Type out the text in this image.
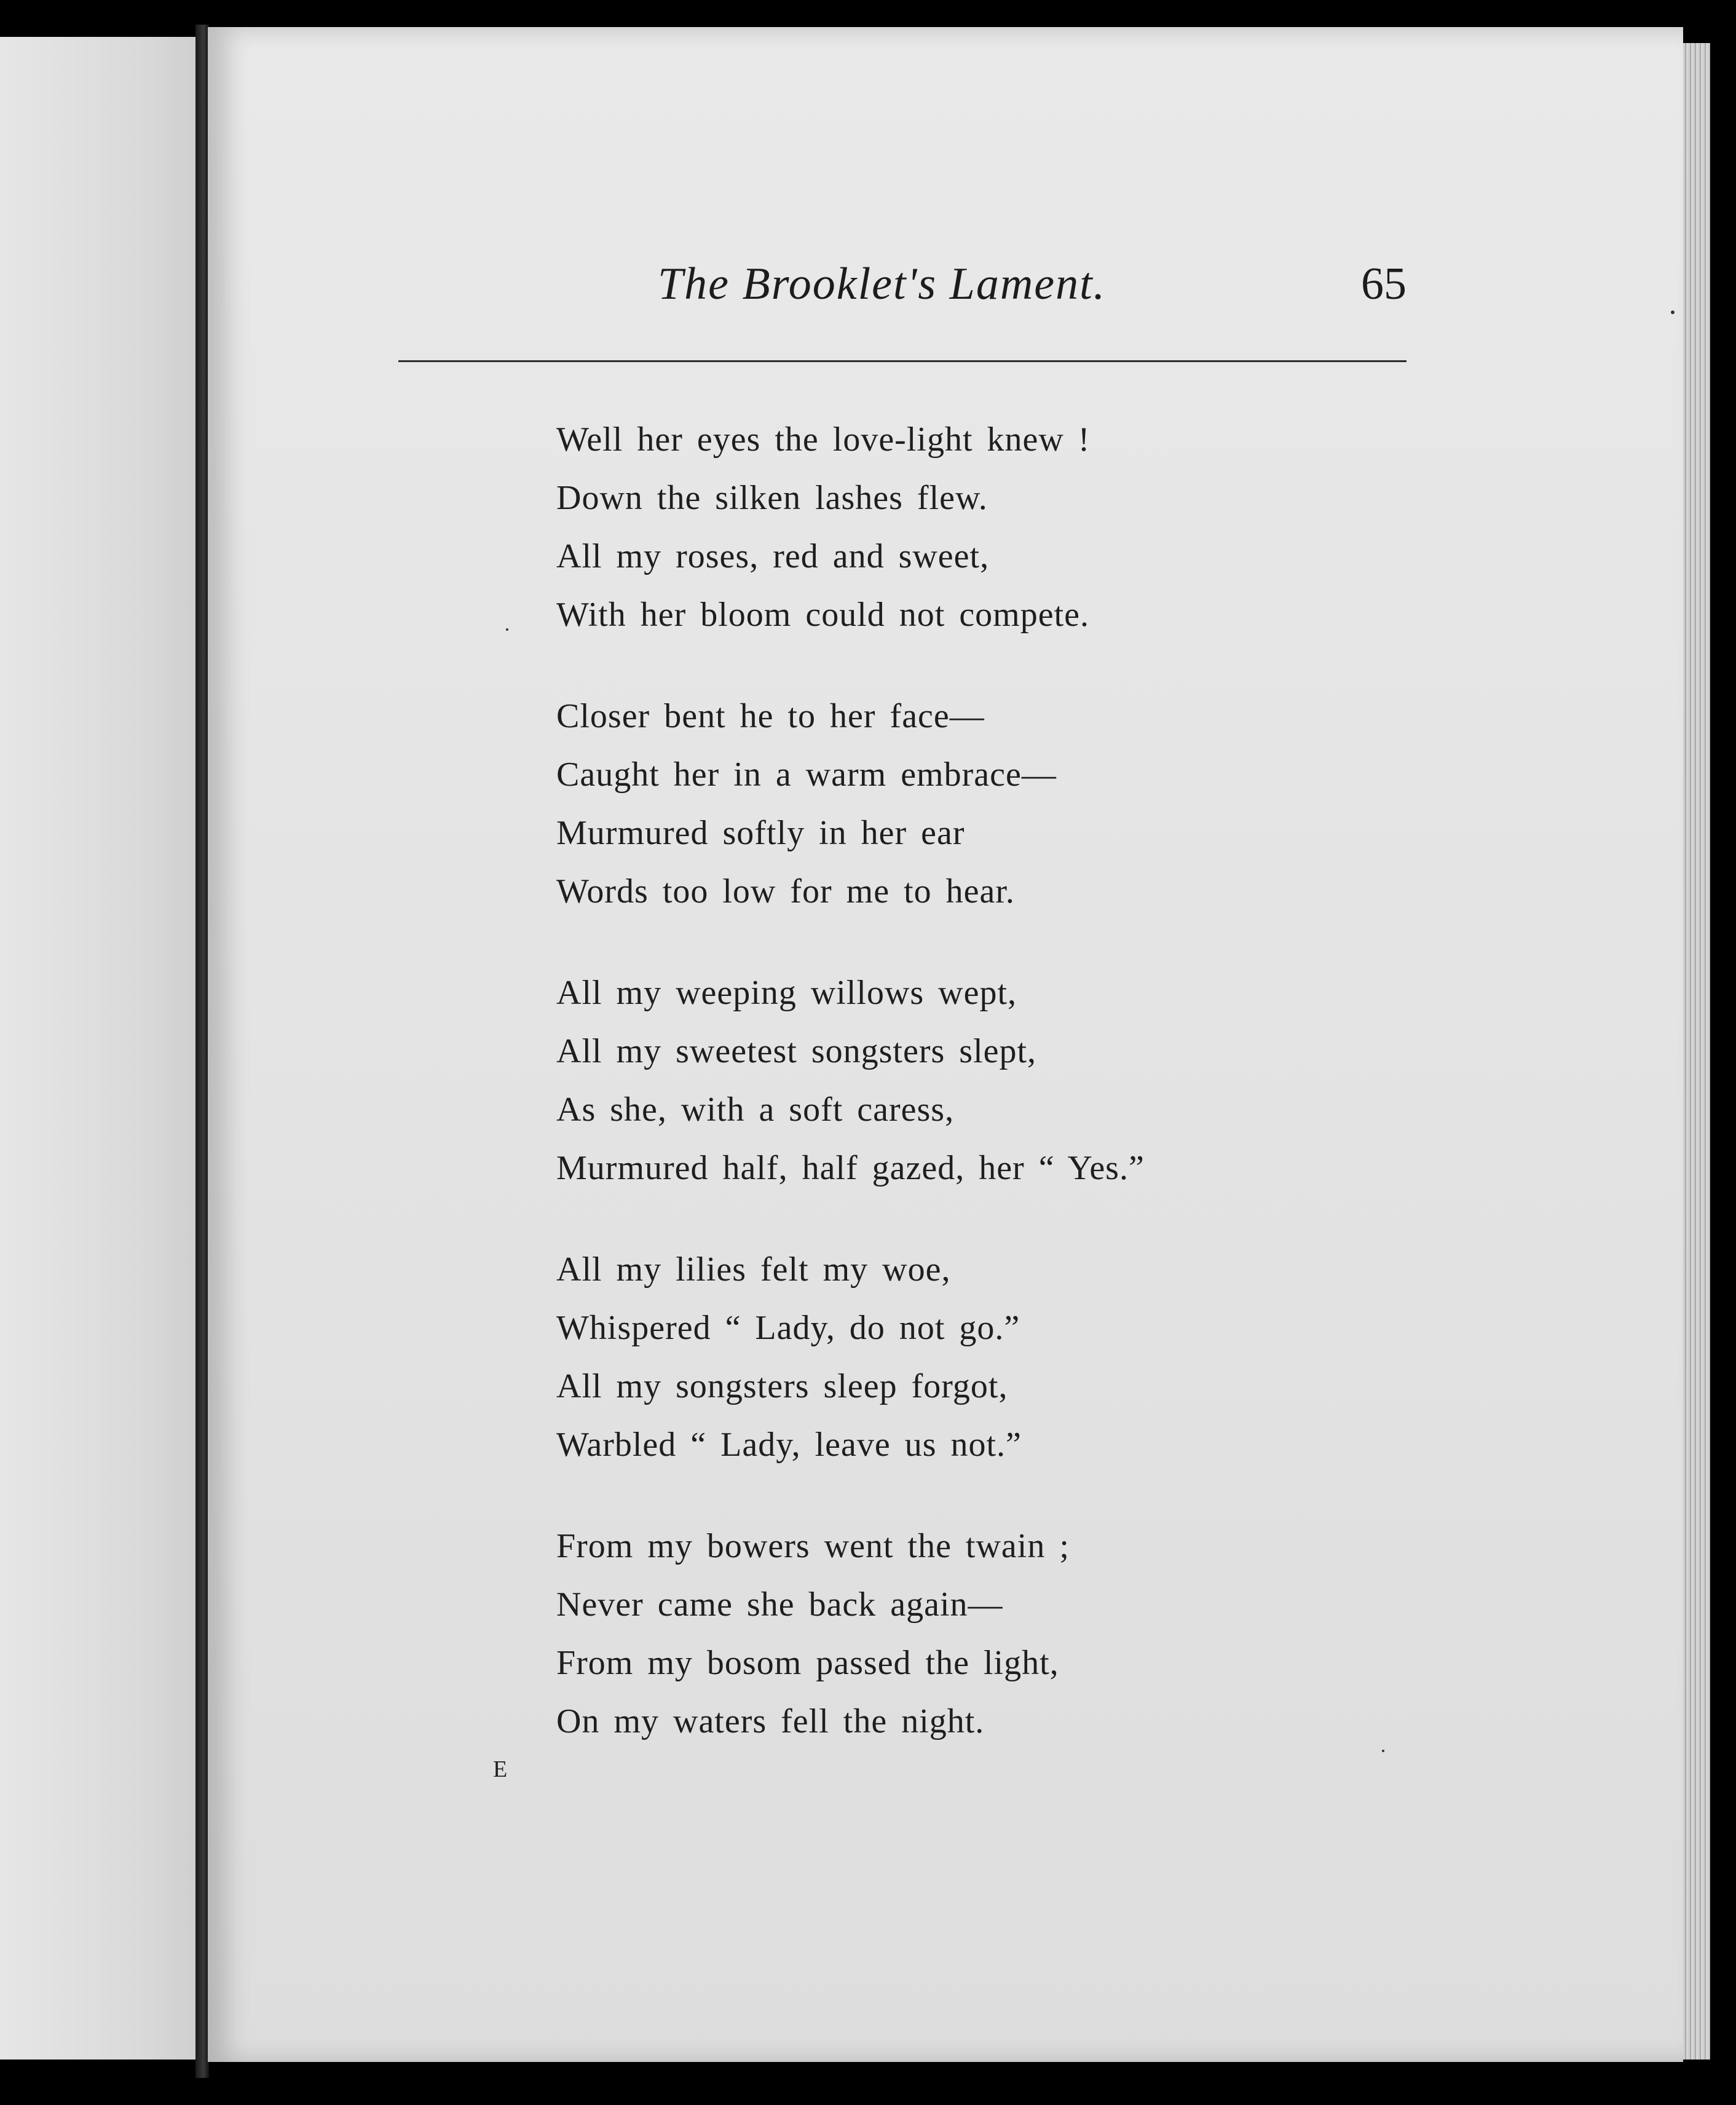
The Brooklet's Lament.	65
Well her eyes the love-light knew !
Down the silken lashes flew.
All my roses, red and sweet,
With her bloom could not compete.
Closer bent he to her face—
Caught her in a warm embrace—
Murmured softly in her ear
Words too low for me to hear.
All my weeping willows wept,
All my sweetest songsters slept,
As she, with a soft caress,
Murmured half, half gazed, her “ Yes.”
All my lilies felt my woe,
Whispered “ Lady, do not go.”
All my songsters sleep forgot,
Warbled “ Lady, leave us not.”
From my bowers went the twain ;
Never came she back again—
From my bosom passed the light,
On my waters fell the night.
E
